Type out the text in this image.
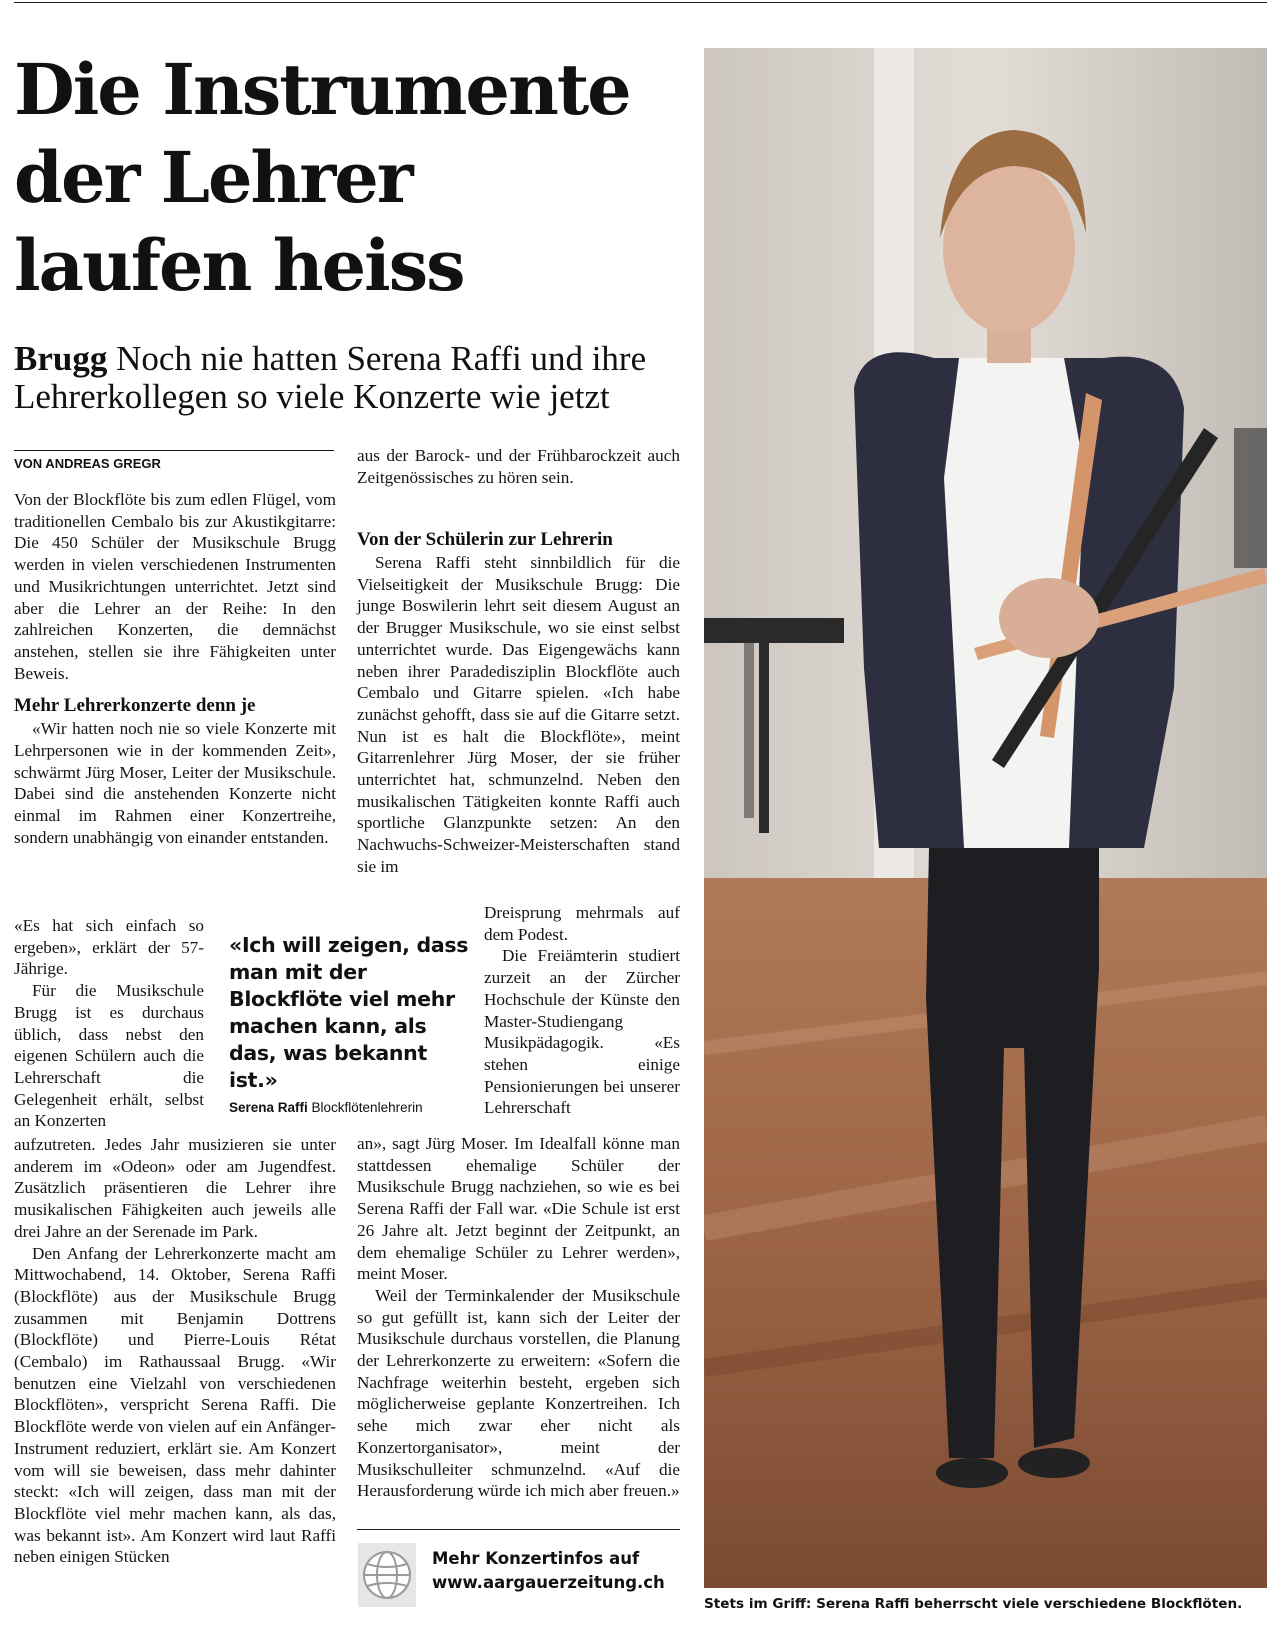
Die Instrumente
der Lehrer
laufen heiss

Brugg Noch nie hatten Serena Raffi und ihre Lehrerkollegen so viele Konzerte wie jetzt

VON ANDREAS GREGR

Von der Blockflöte bis zum edlen Flügel, vom traditionellen Cembalo bis zur Akustikgitarre: Die 450 Schüler der Musikschule Brugg werden in vielen verschiedenen Instrumenten und Musikrichtungen unterrichtet. Jetzt sind aber die Lehrer an der Reihe: In den zahlreichen Konzerten, die demnächst anstehen, stellen sie ihre Fähigkeiten unter Beweis.

Mehr Lehrerkonzerte denn je

«Wir hatten noch nie so viele Konzerte mit Lehrpersonen wie in der kommenden Zeit», schwärmt Jürg Moser, Leiter der Musikschule. Dabei sind die anstehenden Konzerte nicht einmal im Rahmen einer Konzertreihe, sondern unabhängig von einander entstanden.

«Es hat sich einfach so ergeben», erklärt der 57-Jährige.

Für die Musikschule Brugg ist es durchaus üblich, dass nebst den eigenen Schülern auch die Lehrerschaft die Gelegenheit erhält, selbst an Konzerten

«Ich will zeigen, dass man mit der Blockflöte viel mehr machen kann, als das, was bekannt ist.»

Serena Raffi Blockflötenlehrerin

aufzutreten. Jedes Jahr musizieren sie unter anderem im «Odeon» oder am Jugendfest. Zusätzlich präsentieren die Lehrer ihre musikalischen Fähigkeiten auch jeweils alle drei Jahre an der Serenade im Park.

Den Anfang der Lehrerkonzerte macht am Mittwochabend, 14. Oktober, Serena Raffi (Blockflöte) aus der Musikschule Brugg zusammen mit Benjamin Dottrens (Blockflöte) und Pierre-Louis Rétat (Cembalo) im Rathaussaal Brugg. «Wir benutzen eine Vielzahl von verschiedenen Blockflöten», verspricht Serena Raffi. Die Blockflöte werde von vielen auf ein Anfänger-Instrument reduziert, erklärt sie. Am Konzert vom will sie beweisen, dass mehr dahinter steckt: «Ich will zeigen, dass man mit der Blockflöte viel mehr machen kann, als das, was bekannt ist». Am Konzert wird laut Raffi neben einigen Stücken

aus der Barock- und der Frühbarockzeit auch Zeitgenössisches zu hören sein.

Von der Schülerin zur Lehrerin

Serena Raffi steht sinnbildlich für die Vielseitigkeit der Musikschule Brugg: Die junge Boswilerin lehrt seit diesem August an der Brugger Musikschule, wo sie einst selbst unterrichtet wurde. Das Eigengewächs kann neben ihrer Paradedisziplin Blockflöte auch Cembalo und Gitarre spielen. «Ich habe zunächst gehofft, dass sie auf die Gitarre setzt. Nun ist es halt die Blockflöte», meint Gitarrenlehrer Jürg Moser, der sie früher unterrichtet hat, schmunzelnd. Neben den musikalischen Tätigkeiten konnte Raffi auch sportliche Glanzpunkte setzen: An den Nachwuchs-Schweizer-Meisterschaften stand sie im

Dreisprung mehrmals auf dem Podest.

Die Freiämterin studiert zurzeit an der Zürcher Hochschule der Künste den Master-Studiengang Musikpädagogik. «Es stehen einige Pensionierungen bei unserer Lehrerschaft

an», sagt Jürg Moser. Im Idealfall könne man stattdessen ehemalige Schüler der Musikschule Brugg nachziehen, so wie es bei Serena Raffi der Fall war. «Die Schule ist erst 26 Jahre alt. Jetzt beginnt der Zeitpunkt, an dem ehemalige Schüler zu Lehrer werden», meint Moser.

Weil der Terminkalender der Musikschule so gut gefüllt ist, kann sich der Leiter der Musikschule durchaus vorstellen, die Planung der Lehrerkonzerte zu erweitern: «Sofern die Nachfrage weiterhin besteht, ergeben sich möglicherweise geplante Konzertreihen. Ich sehe mich zwar eher nicht als Konzertorganisator», meint der Musikschulleiter schmunzelnd. «Auf die Herausforderung würde ich mich aber freuen.»

Mehr Konzertinfos auf
www.aargauerzeitung.ch
Stets im Griff: Serena Raffi beherrscht viele verschiedene Blockflöten.
